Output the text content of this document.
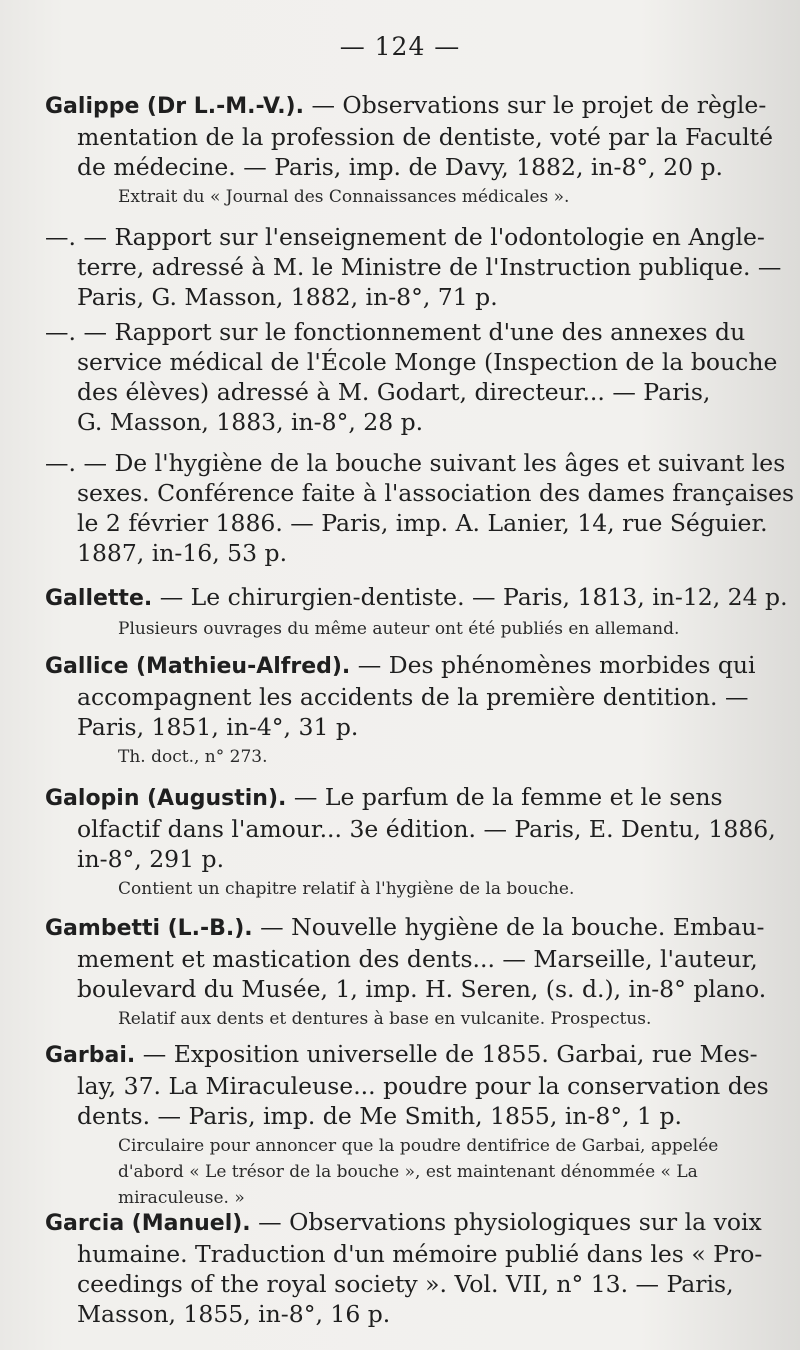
— 124 —
Galippe (Dr L.-M.-V.). — Observations sur le projet de règle-
mentation de la profession de dentiste, voté par la Faculté
de médecine. — Paris, imp. de Davy, 1882, in-8°, 20 p.
Extrait du « Journal des Connaissances médicales ».
—. — Rapport sur l'enseignement de l'odontologie en Angle-
terre, adressé à M. le Ministre de l'Instruction publique. —
Paris, G. Masson, 1882, in-8°, 71 p.
—. — Rapport sur le fonctionnement d'une des annexes du
service médical de l'École Monge (Inspection de la bouche
des élèves) adressé à M. Godart, directeur... — Paris,
G. Masson, 1883, in-8°, 28 p.
—. — De l'hygiène de la bouche suivant les âges et suivant les
sexes. Conférence faite à l'association des dames françaises
le 2 février 1886. — Paris, imp. A. Lanier, 14, rue Séguier.
1887, in-16, 53 p.
Gallette. — Le chirurgien-dentiste. — Paris, 1813, in-12, 24 p.
Plusieurs ouvrages du même auteur ont été publiés en allemand.
Gallice (Mathieu-Alfred). — Des phénomènes morbides qui
accompagnent les accidents de la première dentition. —
Paris, 1851, in-4°, 31 p.
Th. doct., n° 273.
Galopin (Augustin). — Le parfum de la femme et le sens
olfactif dans l'amour... 3e édition. — Paris, E. Dentu, 1886,
in-8°, 291 p.
Contient un chapitre relatif à l'hygiène de la bouche.
Gambetti (L.-B.). — Nouvelle hygiène de la bouche. Embau-
mement et mastication des dents... — Marseille, l'auteur,
boulevard du Musée, 1, imp. H. Seren, (s. d.), in-8° plano.
Relatif aux dents et dentures à base en vulcanite. Prospectus.
Garbai. — Exposition universelle de 1855. Garbai, rue Mes-
lay, 37. La Miraculeuse... poudre pour la conservation des
dents. — Paris, imp. de Me Smith, 1855, in-8°, 1 p.
Circulaire pour annoncer que la poudre dentifrice de Garbai, appelée
d'abord « Le trésor de la bouche », est maintenant dénommée « La
miraculeuse. »
Garcia (Manuel). — Observations physiologiques sur la voix
humaine. Traduction d'un mémoire publié dans les « Pro-
ceedings of the royal society ». Vol. VII, n° 13. — Paris,
Masson, 1855, in-8°, 16 p.
